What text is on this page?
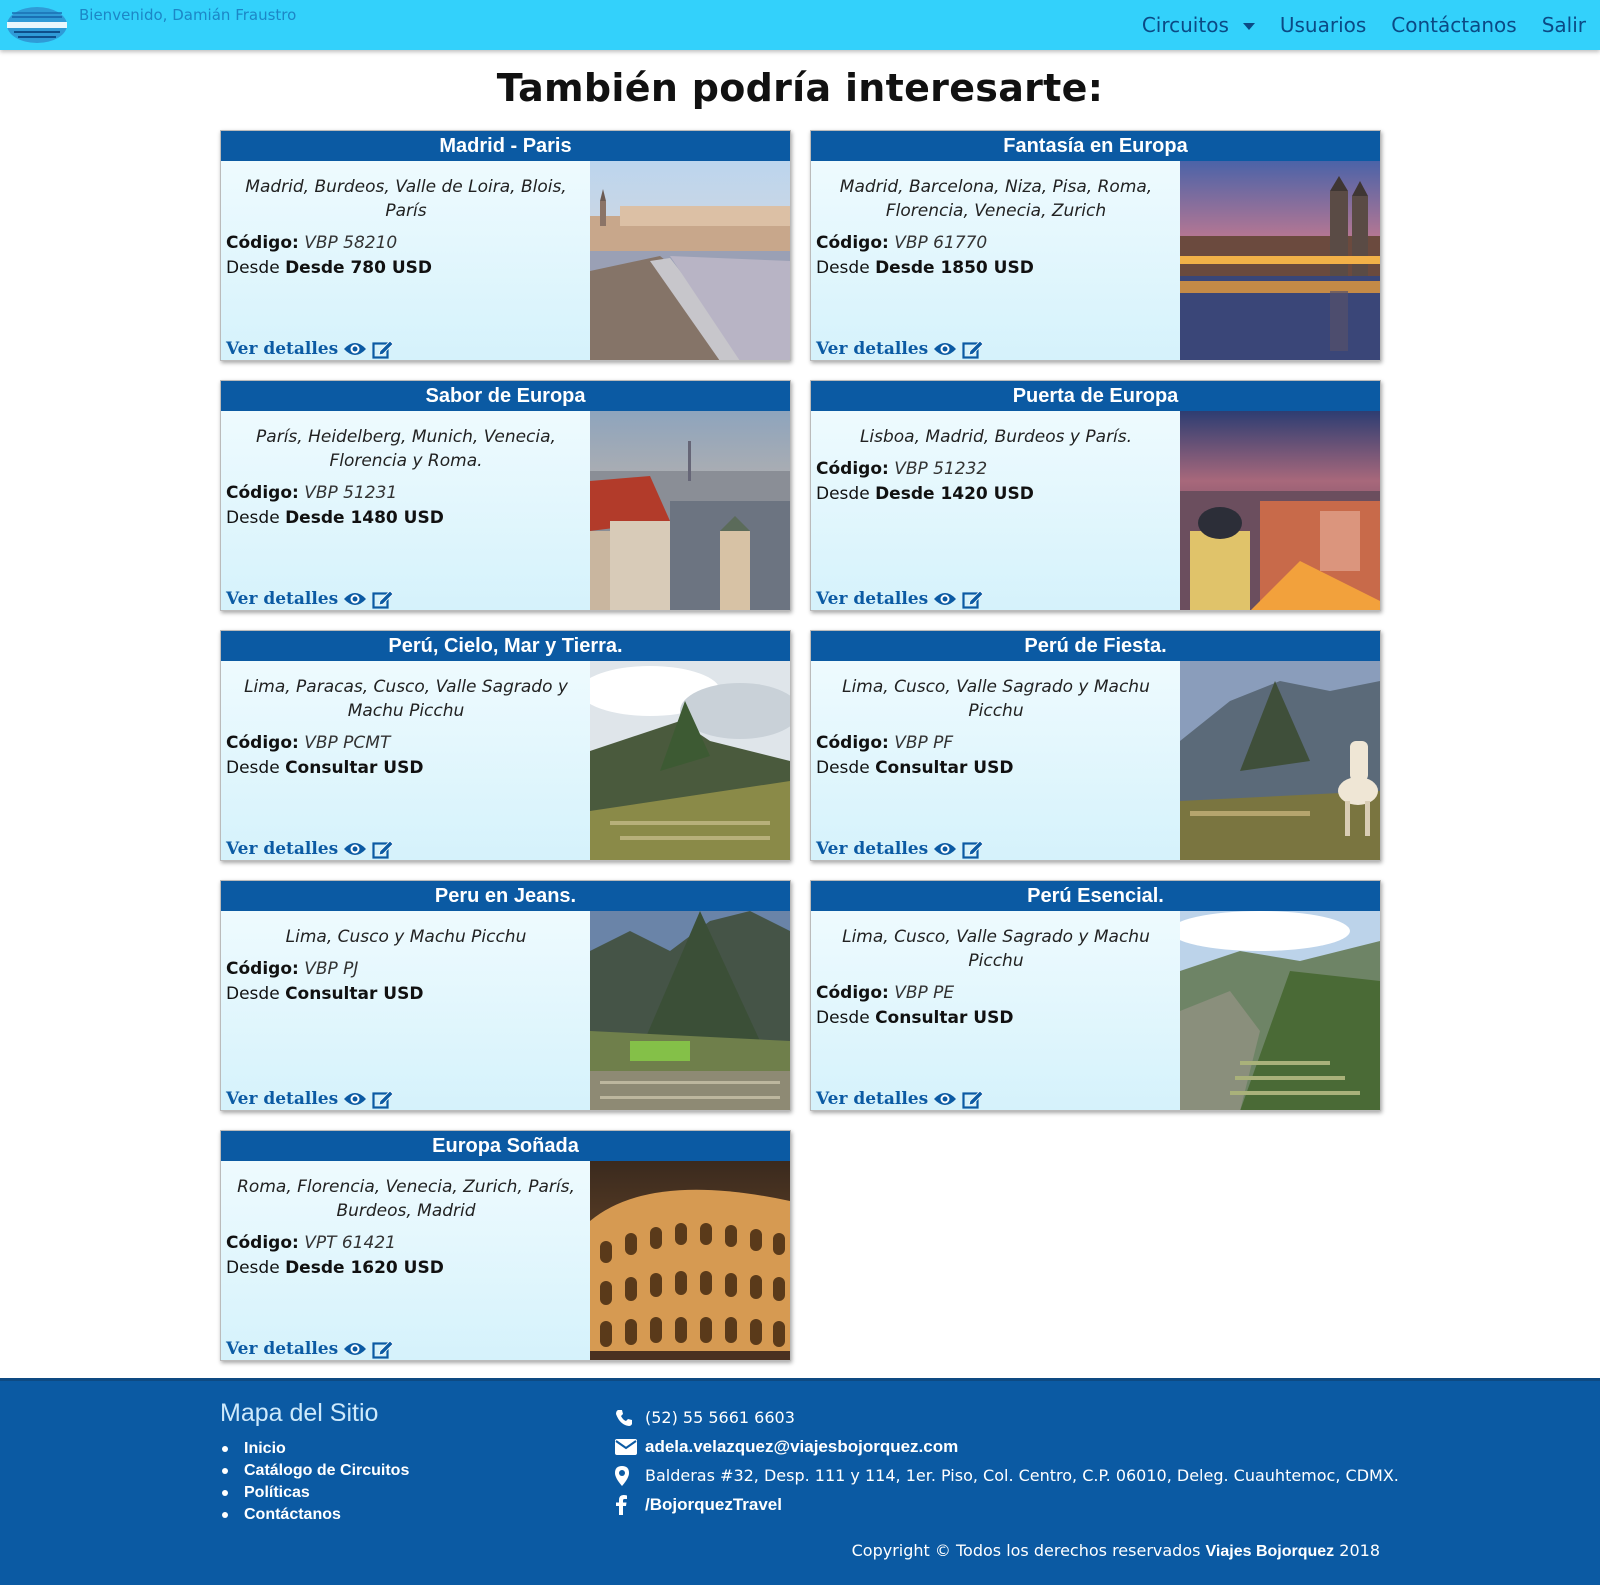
Bienvenido, Damián Fraustro	Circuitos	Usuarios Contáctanos Salir
También podría interesarte:
Madrid - Paris
Madrid, Burdeos, Valle de Loira, Blois, París
Código: VBP 58210
Desde Desde 780 USD
Ver detalles
Fantasía en Europa
Madrid, Barcelona, Niza, Pisa, Roma, Florencia, Venecia, Zurich
Código: VBP 61770
Desde Desde 1850 USD
Ver detalles
Sabor de Europa
París, Heidelberg, Munich, Venecia, Florencia y Roma.
Código: VBP 51231
Desde Desde 1480 USD
Ver detalles
Puerta de Europa
Lisboa, Madrid, Burdeos y París.
Código: VBP 51232
Desde Desde 1420 USD
Ver detalles
Perú, Cielo, Mar y Tierra.
Lima, Paracas, Cusco, Valle Sagrado y Machu Picchu
Código: VBP PCMT
Desde Consultar USD
Ver detalles
Perú de Fiesta.
Lima, Cusco, Valle Sagrado y Machu Picchu
Código: VBP PF
Desde Consultar USD
Ver detalles
Peru en Jeans.
Lima, Cusco y Machu Picchu
Código: VBP PJ
Desde Consultar USD
Ver detalles
Perú Esencial.
Lima, Cusco, Valle Sagrado y Machu Picchu
Código: VBP PE
Desde Consultar USD
Ver detalles
Europa Soñada
Roma, Florencia, Venecia, Zurich, París, Burdeos, Madrid
Código: VPT 61421
Desde Desde 1620 USD
Ver detalles
Mapa del Sitio
Inicio
Catálogo de Circuitos
Políticas
Contáctanos
(52) 55 5661 6603
adela.velazquez@viajesbojorquez.com
Balderas #32, Desp. 111 y 114, 1er. Piso, Col. Centro, C.P. 06010, Deleg. Cuauhtemoc, CDMX.
/BojorquezTravel
Copyright © Todos los derechos reservados Viajes Bojorquez 2018
